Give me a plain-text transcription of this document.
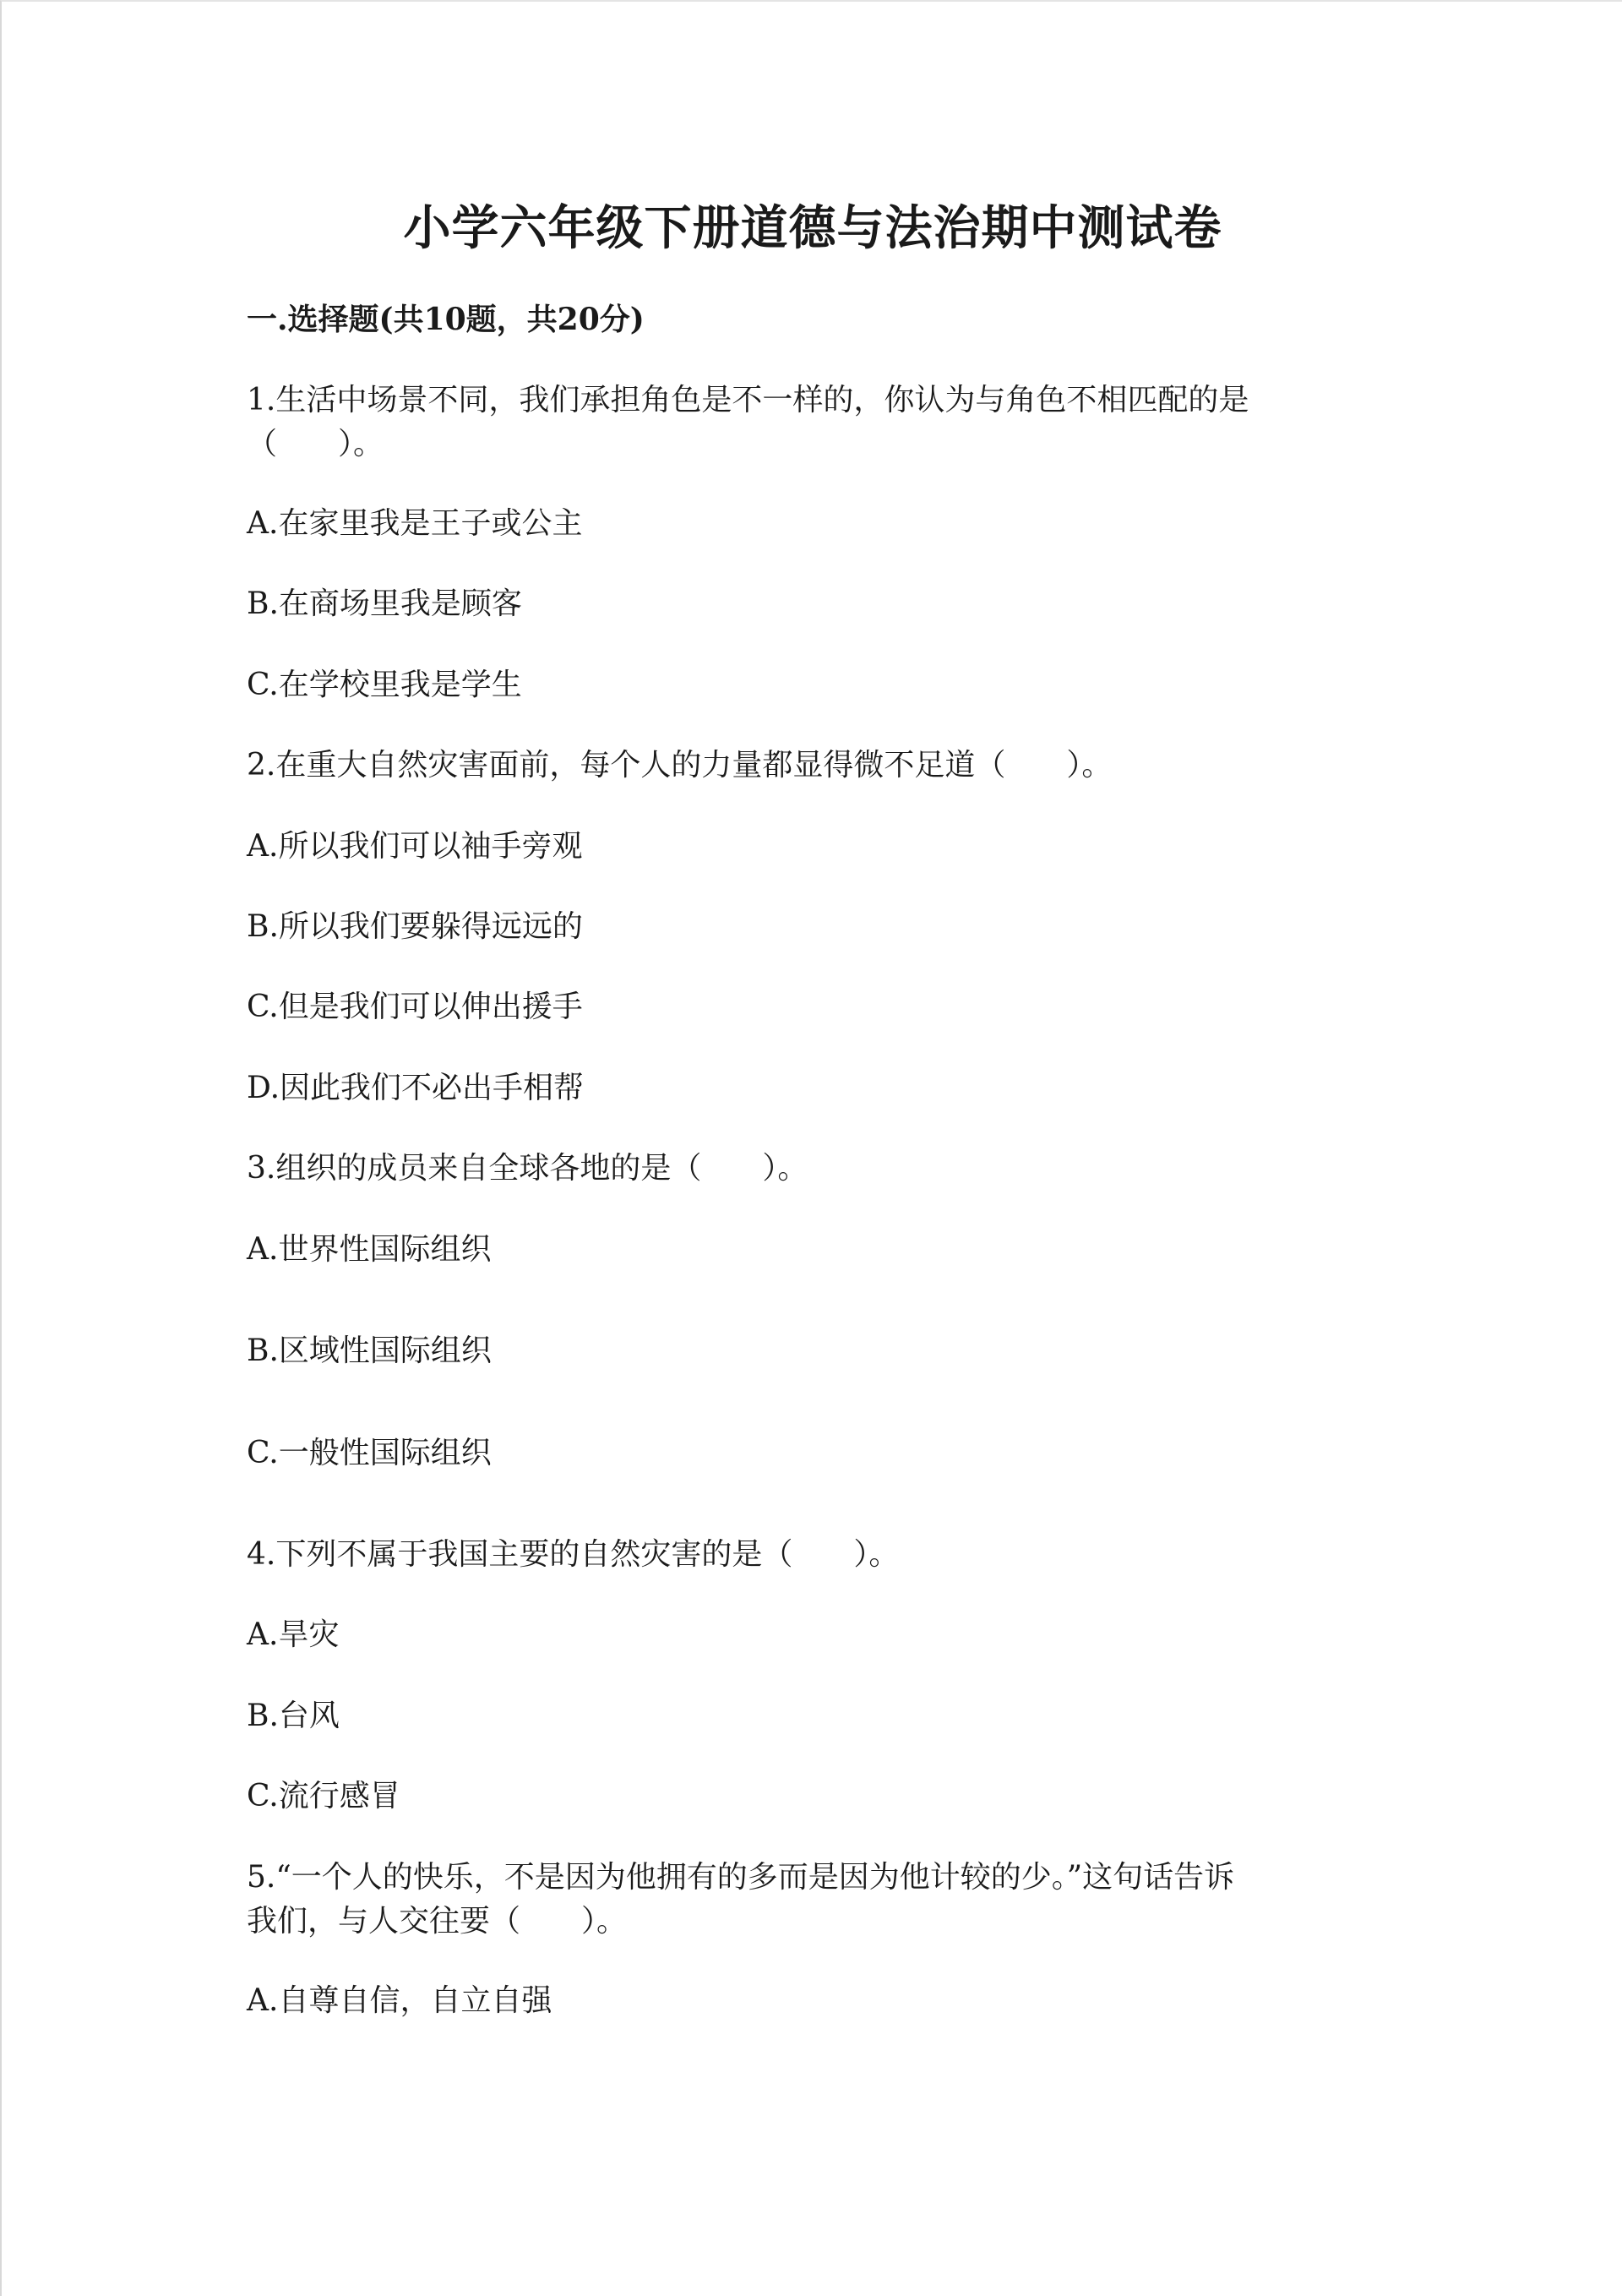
小学六年级下册道德与法治期中测试卷
一.选择题(共10题，共20分)
1.生活中场景不同，我们承担角色是不一样的，你认为与角色不相匹配的是
（　　）。
A.在家里我是王子或公主
B.在商场里我是顾客
C.在学校里我是学生
2.在重大自然灾害面前，每个人的力量都显得微不足道（　　）。
A.所以我们可以袖手旁观
B.所以我们要躲得远远的
C.但是我们可以伸出援手
D.因此我们不必出手相帮
3.组织的成员来自全球各地的是（　　）。
A.世界性国际组织
B.区域性国际组织
C.一般性国际组织
4.下列不属于我国主要的自然灾害的是（　　）。
A.旱灾
B.台风
C.流行感冒
5.“一个人的快乐，不是因为他拥有的多而是因为他计较的少。”这句话告诉
我们，与人交往要（　　）。
A.自尊自信，自立自强
